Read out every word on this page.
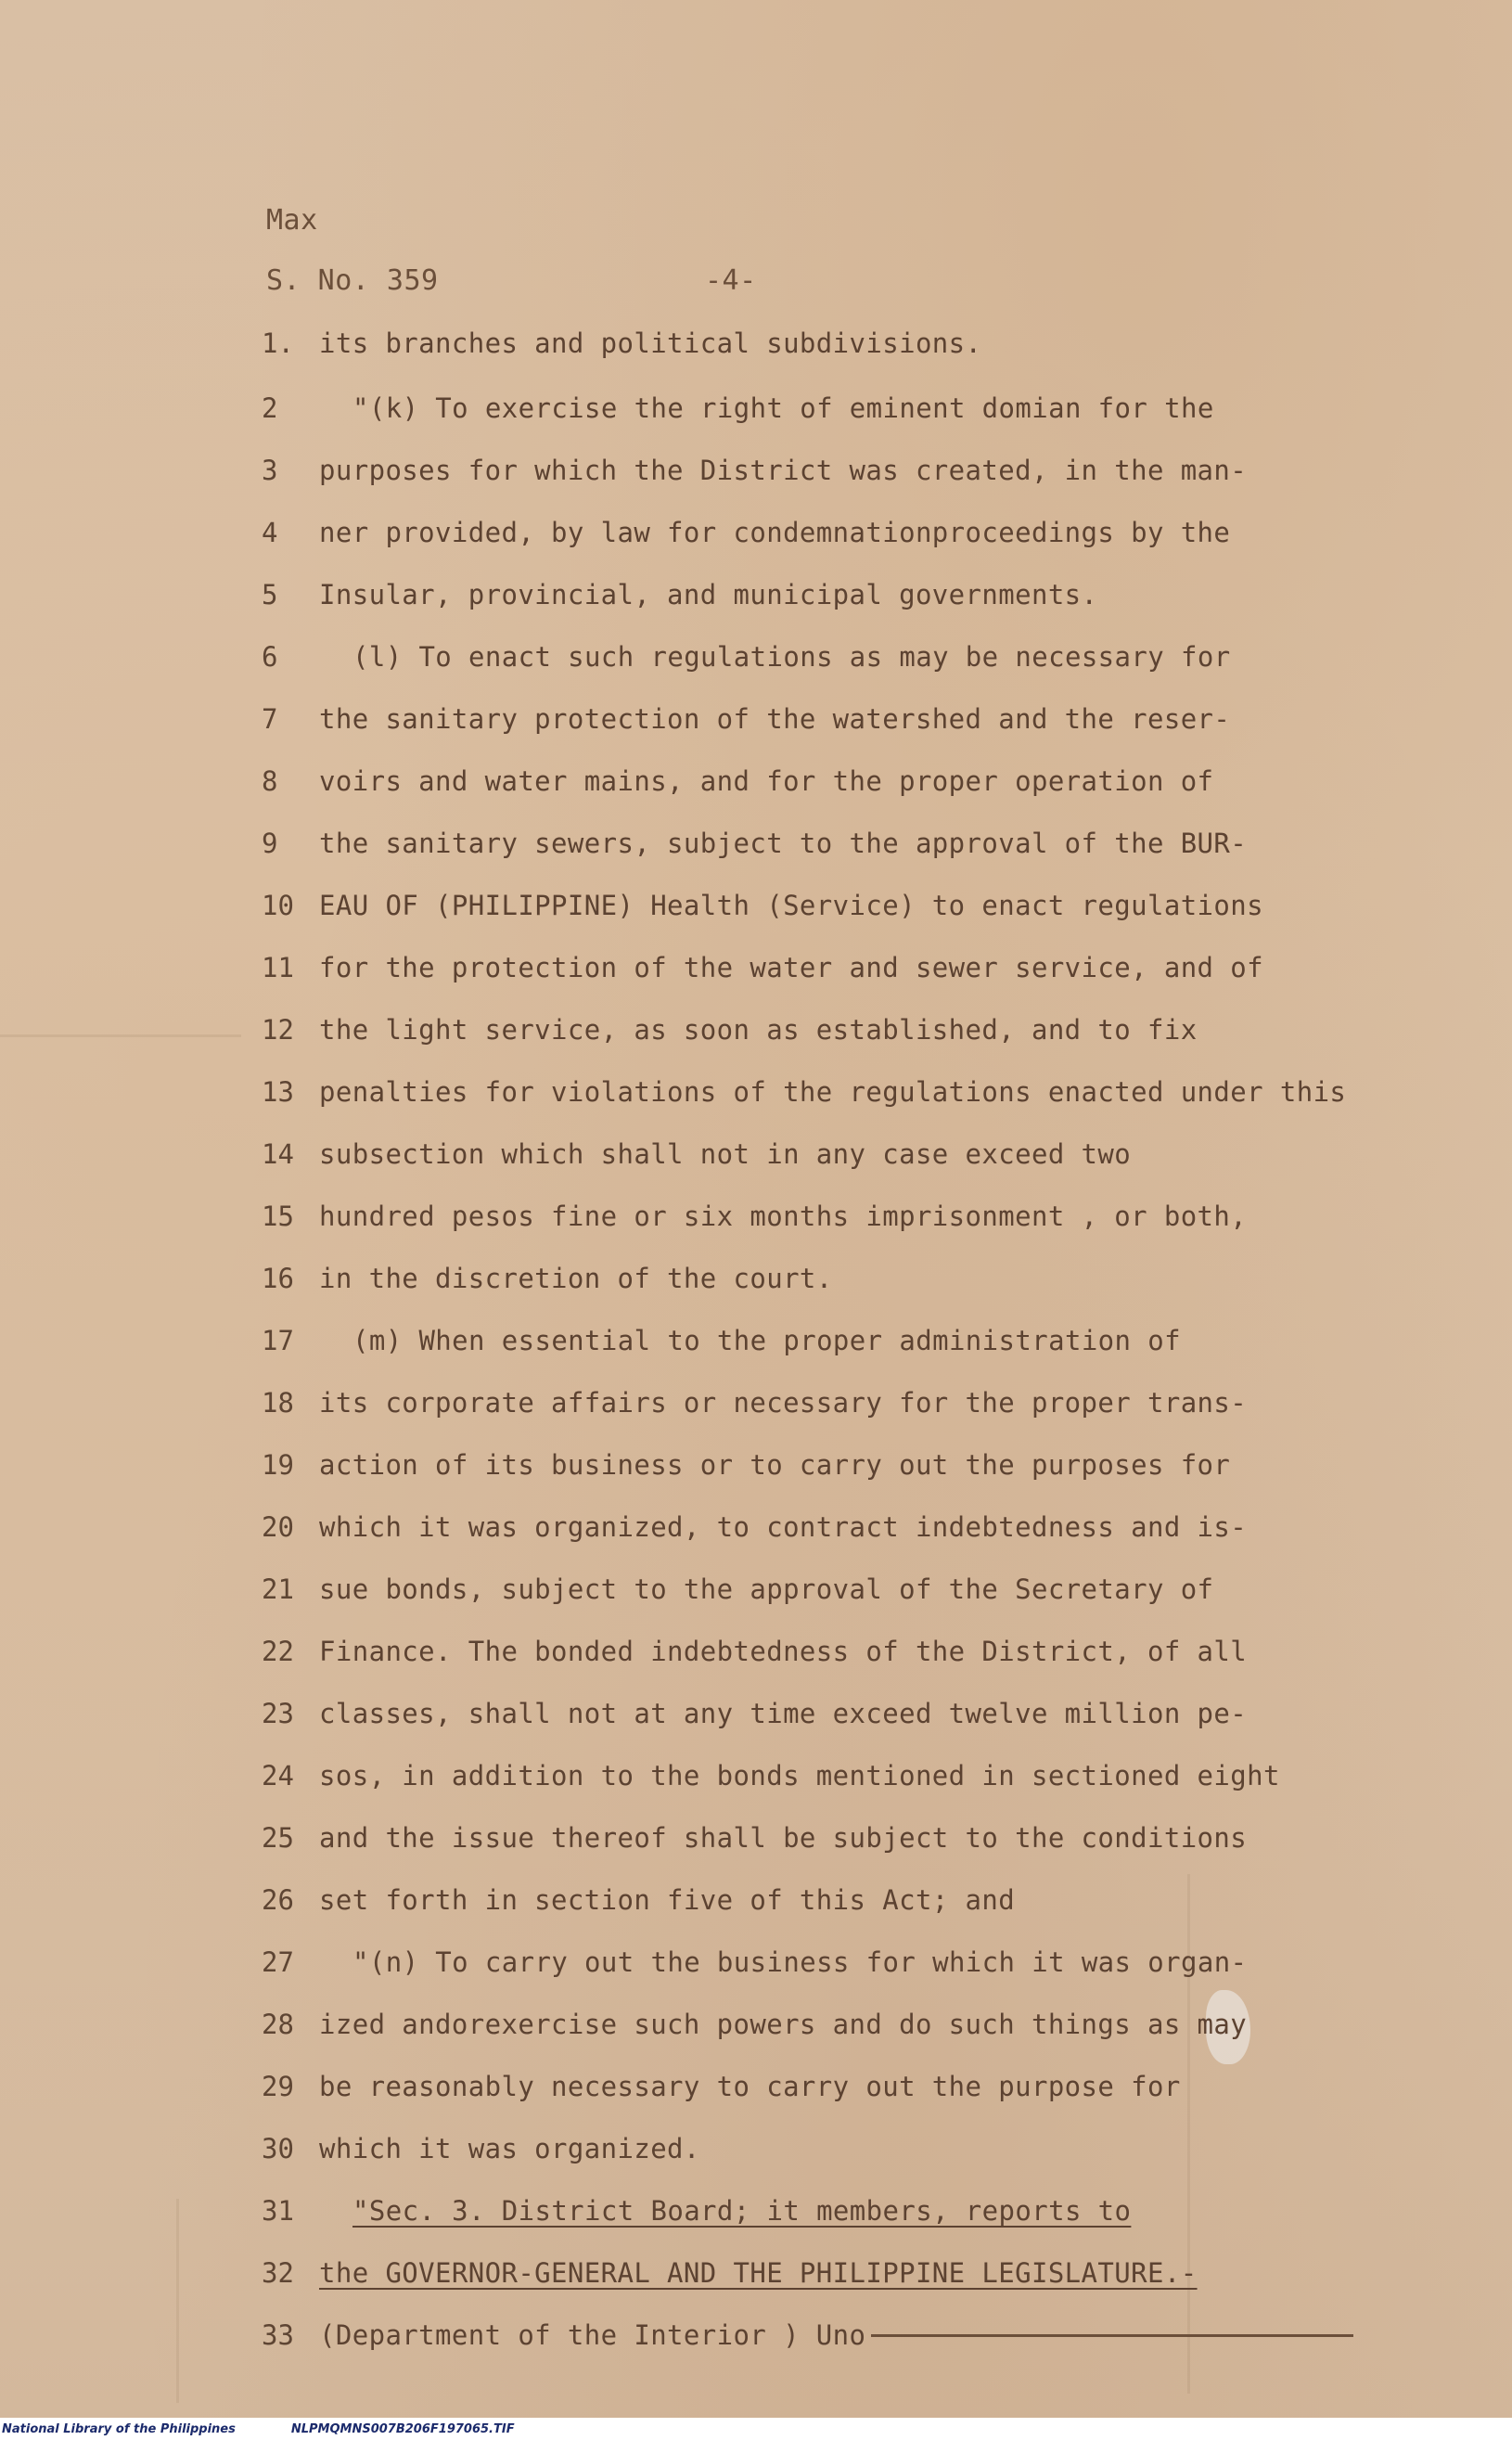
Max
S. No. 359	-4-
1. its branches and political subdivisions.
2	"(k) To exercise the right of eminent domian for the
3	purposes for which the District was created, in the man-
4	ner provided, by law for condemnationproceedings by the
5	Insular, provincial, and municipal governments.
6	(l) To enact such regulations as may be necessary for
7	the sanitary protection of the watershed and the reser-
8	voirs and water mains, and for the proper operation of
9	the sanitary sewers, subject to the approval of the BUR-
10 EAU OF (PHILIPPINE) Health (Service) to enact regulations
11 for the protection of the water and sewer service, and of
12 the light service, as soon as established, and to fix
13 penalties for violations of the regulations enacted under this
14 subsection which shall not in any case exceed two
15 hundred pesos fine or six months imprisonment , or both,
16 in the discretion of the court.
17	(m) When essential to the proper administration of
18 its corporate affairs or necessary for the proper trans-
19 action of its business or to carry out the purposes for
20 which it was organized, to contract indebtedness and is-
21 sue bonds, subject to the approval of the Secretary of
22 Finance. The bonded indebtedness of the District, of all
23 classes, shall not at any time exceed twelve million pe-
24 sos, in addition to the bonds mentioned in sectioned eight
25 and the issue thereof shall be subject to the conditions
26 set forth in section five of this Act; and
27	"(n) To carry out the business for which it was organ-
28 ized andorexercise such powers and do such things as may
29 be reasonably necessary to carry out the purpose for
30 which it was organized.
31	"Sec. 3. District Board; it members, reports to
32 the GOVERNOR-GENERAL AND THE PHILIPPINE LEGISLATURE.-
33 (Department of the Interior ) Uno
National Library of the Philippines	NLPMQMNS007B206F197065.TIF
